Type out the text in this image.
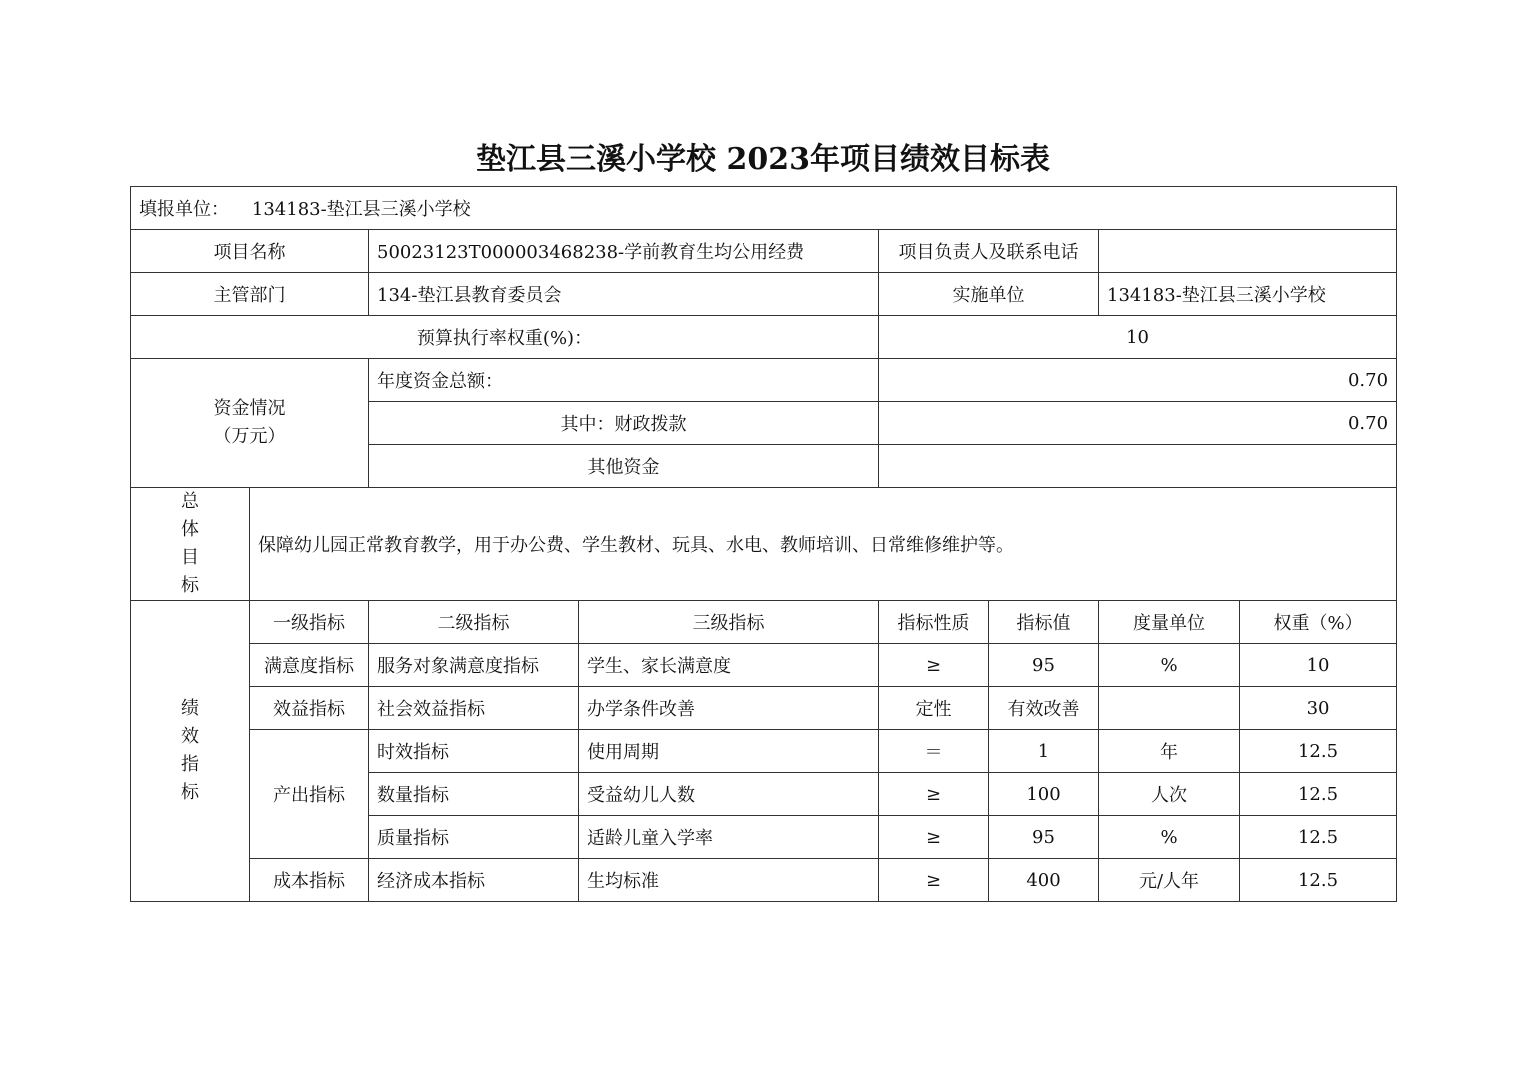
垫江县三溪小学校 2023年项目绩效目标表
填报单位： 134183-垫江县三溪小学校							
项目名称		50023123T000003468238-学前教育生均公用经费		项目负责人及联系电话			
主管部门		134-垫江县教育委员会		实施单位		134183-垫江县三溪小学校	
预算执行率权重(%)：				10			

资金情况
（万元）		年度资金总额：		0.70			
		其中：财政拨款		0.70			
		其他资金					
总体目标	保障幼儿园正常教育教学，用于办公费、学生教材、玩具、水电、教师培训、日常维修维护等。						
绩效指标	一级指标	二级指标	三级指标	指标性质	指标值	度量单位	权重（%）
	满意度指标	服务对象满意度指标	学生、家长满意度	≥	95	%	10
	效益指标	社会效益指标	办学条件改善	定性	有效改善		30
	产出指标	时效指标	使用周期	＝	1	年	12.5
		数量指标	受益幼儿人数	≥	100	人次	12.5
		质量指标	适龄儿童入学率	≥	95	%	12.5
	成本指标	经济成本指标	生均标准	≥	400	元/人年	12.5
